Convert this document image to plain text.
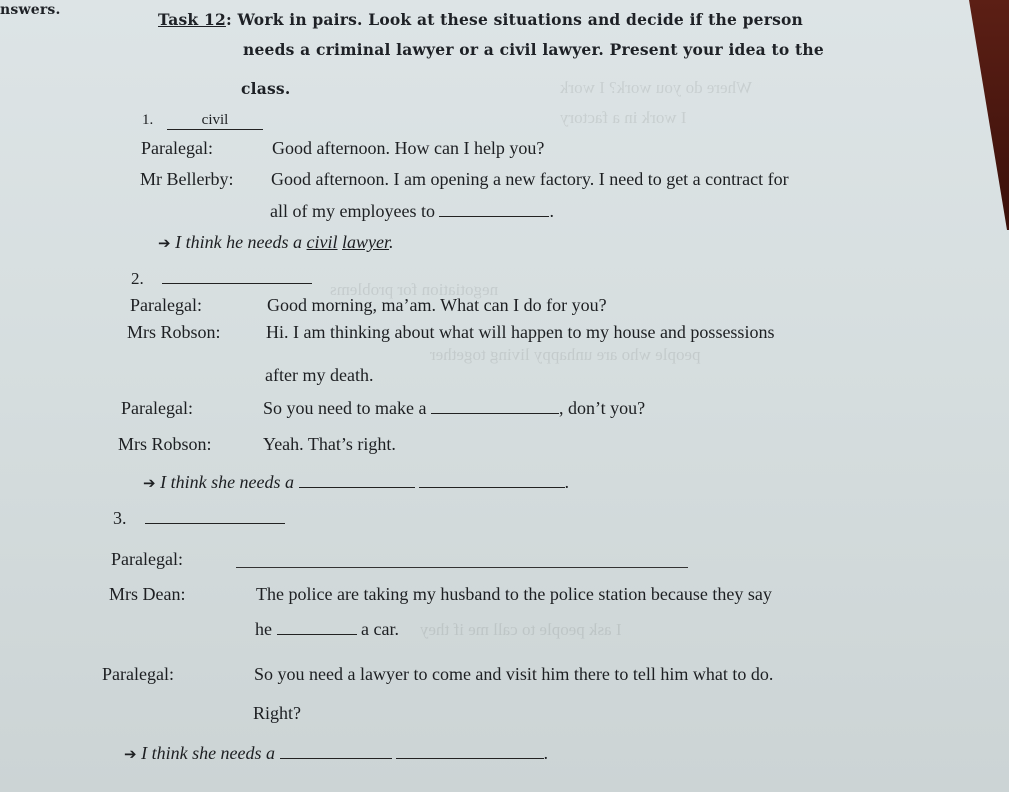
Where do you work? I work
I work in a factory
negotiation for problems
people who are unhappy living together
I ask people to call me if they
nswers.	Task 12: Work in pairs. Look at these situations and decide if the person
needs a criminal lawyer or a civil lawyer. Present your idea to the
class.
1.	civil
Paralegal:	Good afternoon. How can I help you?
Mr Bellerby: Good afternoon. I am opening a new factory. I need to get a contract for
all of my employees to	.
➔ I think he needs a civil lawyer.
2.
Paralegal:	Good morning, ma’am. What can I do for you?
Mrs Robson:	Hi. I am thinking about what will happen to my house and possessions
after my death.
Paralegal:	So you need to make a	, don’t you?
Mrs Robson:	Yeah. That’s right.
➔ I think she needs a	.
3.
Paralegal:
Mrs Dean:	The police are taking my husband to the police station because they say
he	a car.
Paralegal:	So you need a lawyer to come and visit him there to tell him what to do.
Right?
➔ I think she needs a	.
